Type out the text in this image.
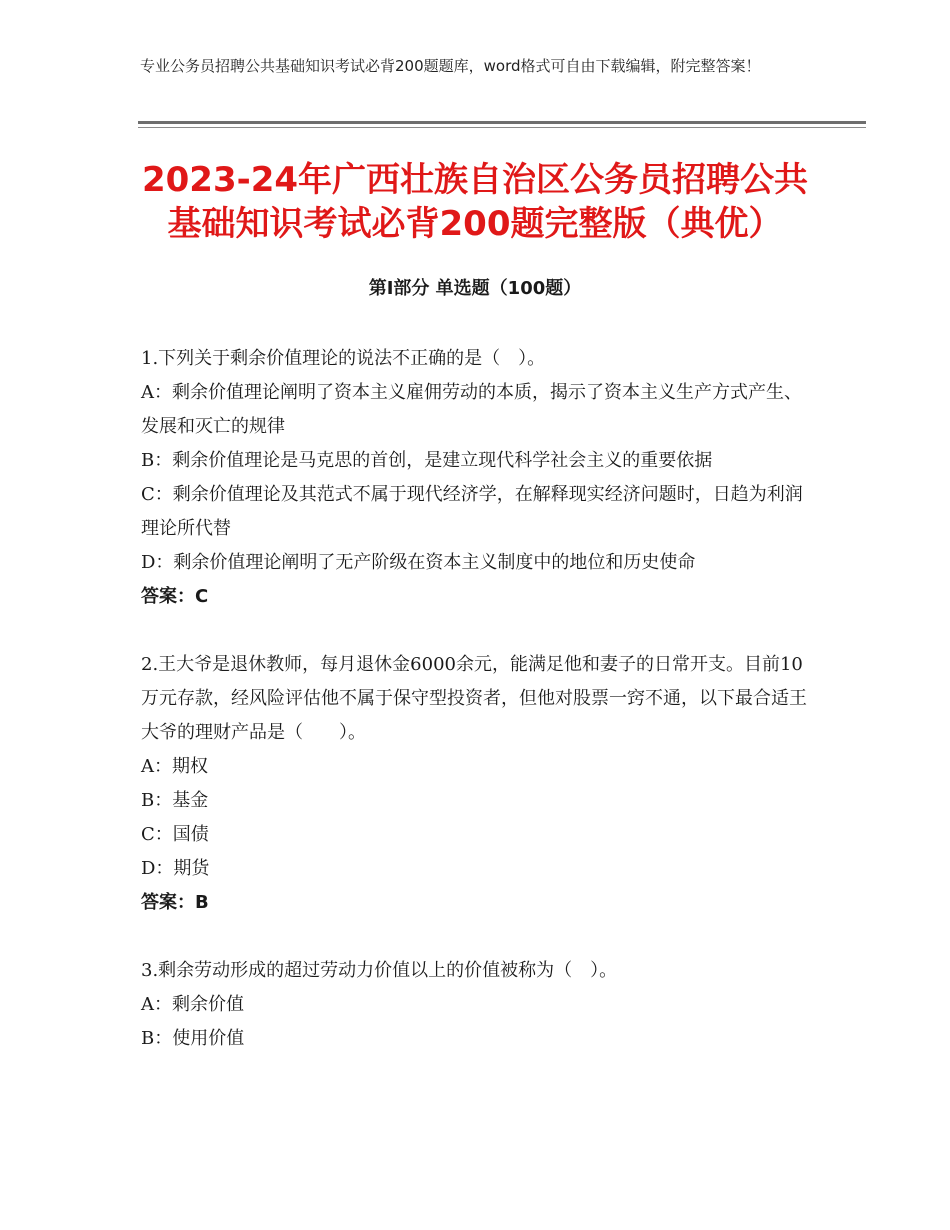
专业公务员招聘公共基础知识考试必背200题题库，word格式可自由下载编辑，附完整答案！
2023-24年广西壮族自治区公务员招聘公共
基础知识考试必背200题完整版（典优）
第Ⅰ部分 单选题（100题）

1.下列关于剩余价值理论的说法不正确的是（　）。

A：剩余价值理论阐明了资本主义雇佣劳动的本质，揭示了资本主义生产方式产生、发展和灭亡的规律

B：剩余价值理论是马克思的首创，是建立现代科学社会主义的重要依据

C：剩余价值理论及其范式不属于现代经济学，在解释现实经济问题时，日趋为利润理论所代替

D：剩余价值理论阐明了无产阶级在资本主义制度中的地位和历史使命

答案：C

2.王大爷是退休教师，每月退休金6000余元，能满足他和妻子的日常开支。目前10万元存款，经风险评估他不属于保守型投资者，但他对股票一窍不通，以下最合适王大爷的理财产品是（　　）。

A：期权

B：基金

C：国债

D：期货

答案：B

3.剩余劳动形成的超过劳动力价值以上的价值被称为（　）。

A：剩余价值

B：使用价值
